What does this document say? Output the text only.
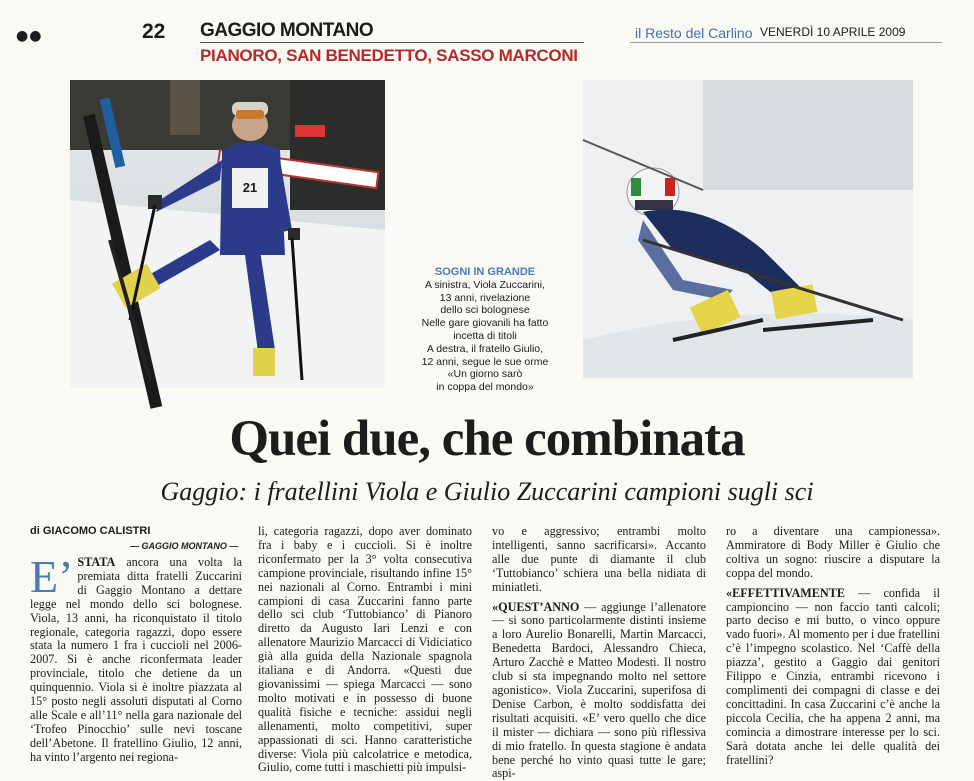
●●	22 GAGGIO MONTANO
PIANORO, SAN BENEDETTO, SASSO MARCONI
il Resto del Carlino VENERDÌ 10 APRILE 2009
21
SOGNI IN GRANDE
A sinistra, Viola Zuccarini,
13 anni, rivelazione
dello sci bolognese
Nelle gare giovanili ha fatto
incetta di titoli
A destra, il fratello Giulio,
12 anni, segue le sue orme
«Un giorno sarò
in coppa del mondo»
Quei due, che combinata
Gaggio: i fratellini Viola e Giulio Zuccarini campioni sugli sci
di GIACOMO CALISTRI
— GAGGIO MONTANO —
E’ STATA ancora una volta la premiata ditta fratelli Zuccarini di Gaggio Montano a dettare legge nel mondo dello sci bolognese. Viola, 13 anni, ha riconquistato il titolo regionale, categoria ragazzi, dopo essere stata la numero 1 fra i cuccioli nel 2006-2007. Si è anche riconfermata leader provinciale, titolo che detiene da un quinquennio. Viola si è inoltre piazzata al 15° posto negli assoluti disputati al Corno alle Scale e all’11° nella gara nazionale del ‘Trofeo Pinocchio’ sulle nevi toscane dell’Abetone. Il fratellino Giulio, 12 anni, ha vinto l’argento nei regiona-
li, categoria ragazzi, dopo aver dominato fra i baby e i cuccioli. Si è inoltre riconfermato per la 3° volta consecutiva campione provinciale, risultando infine 15° nei nazionali al Corno. Entrambi i mini campioni di casa Zuccarini fanno parte dello sci club ‘Tuttobianco’ di Pianoro diretto da Augusto Iari Lenzi e con allenatore Maurizio Marcacci di Vidiciatico già alla guida della Nazionale spagnola italiana e di Andorra. «Questi due giovanissimi — spiega Marcacci — sono molto motivati e in possesso di buone qualità fisiche e tecniche: assidui negli allenamenti, molto competitivi, super appassionati di sci. Hanno caratteristiche diverse: Viola più calcolatrice e metodica, Giulio, come tutti i maschietti più impulsi-
vo e aggressivo; entrambi molto intelligenti, sanno sacrificarsi». Accanto alle due punte di diamante il club ‘Tuttobianco’ schiera una bella nidiata di miniatleti.
«QUEST’ANNO — aggiunge l’allenatore — si sono particolarmente distinti insieme a loro Aurelio Bonarelli, Martin Marcacci, Benedetta Bardoci, Alessandro Chieca, Arturo Zacchè e Matteo Modesti. Il nostro club si sta impegnando molto nel settore agonistico». Viola Zuccarini, superifosa di Denise Carbon, è molto soddisfatta dei risultati acquisiti. «E’ vero quello che dice il mister — dichiara — sono più riflessiva di mio fratello. In questa stagione è andata bene perché ho vinto quasi tutte le gare; aspi-
ro a diventare una campionessa». Ammiratore di Body Miller è Giulio che coltiva un sogno: riuscire a disputare la coppa del mondo.
«EFFETTIVAMENTE — confida il campioncino — non faccio tanti calcoli; parto deciso e mi butto, o vinco oppure vado fuori». Al momento per i due fratellini c’è l’impegno scolastico. Nel ‘Caffè della piazza’, gestito a Gaggio dai genitori Filippo e Cinzia, entrambi ricevono i complimenti dei compagni di classe e dei concittadini. In casa Zuccarini c’è anche la piccola Cecilia, che ha appena 2 anni, ma comincia a dimostrare interesse per lo sci. Sarà dotata anche lei delle qualità dei fratellini?
